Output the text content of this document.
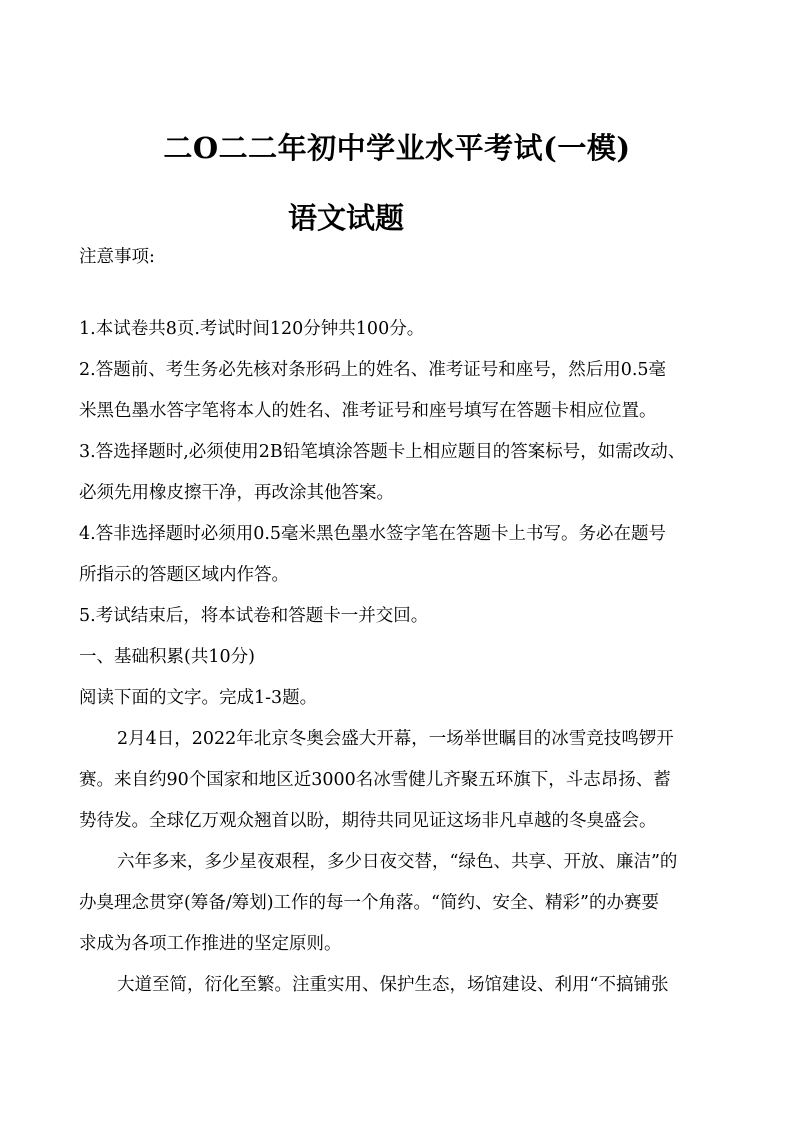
二O二二年初中学业水平考试(一模)
语文试题
注意事项:
1.本试卷共8页.考试时间120分钟共100分。
2.答题前、考生务必先核对条形码上的姓名、准考证号和座号，然后用0.5毫
米黑色墨水答字笔将本人的姓名、准考证号和座号填写在答题卡相应位置。
3.答选择题时,必须使用2B铅笔填涂答题卡上相应题目的答案标号，如需改动、
必须先用橡皮擦干净，再改涂其他答案。
4.答非选择题时必须用0.5毫米黑色墨水签字笔在答题卡上书写。务必在题号
所指示的答题区域内作答。
5.考试结束后，将本试卷和答题卡一并交回。
一、基础积累(共10分)
阅读下面的文字。完成1-3题。
2月4日，2022年北京冬奥会盛大开幕，一场举世瞩目的冰雪竞技鸣锣开
赛。来自约90个国家和地区近3000名冰雪健儿齐聚五环旗下，斗志昂扬、蓄
势待发。全球亿万观众翘首以盼，期待共同见证这场非凡卓越的冬臭盛会。
六年多来，多少星夜艰程，多少日夜交替，“绿色、共享、开放、廉洁”的
办臭理念贯穿(筹备/筹划)工作的每一个角落。“简约、安全、精彩”的办赛要
求成为各项工作推进的坚定原则。
大道至简，衍化至繁。注重实用、保护生态，场馆建设、利用“不搞铺张
